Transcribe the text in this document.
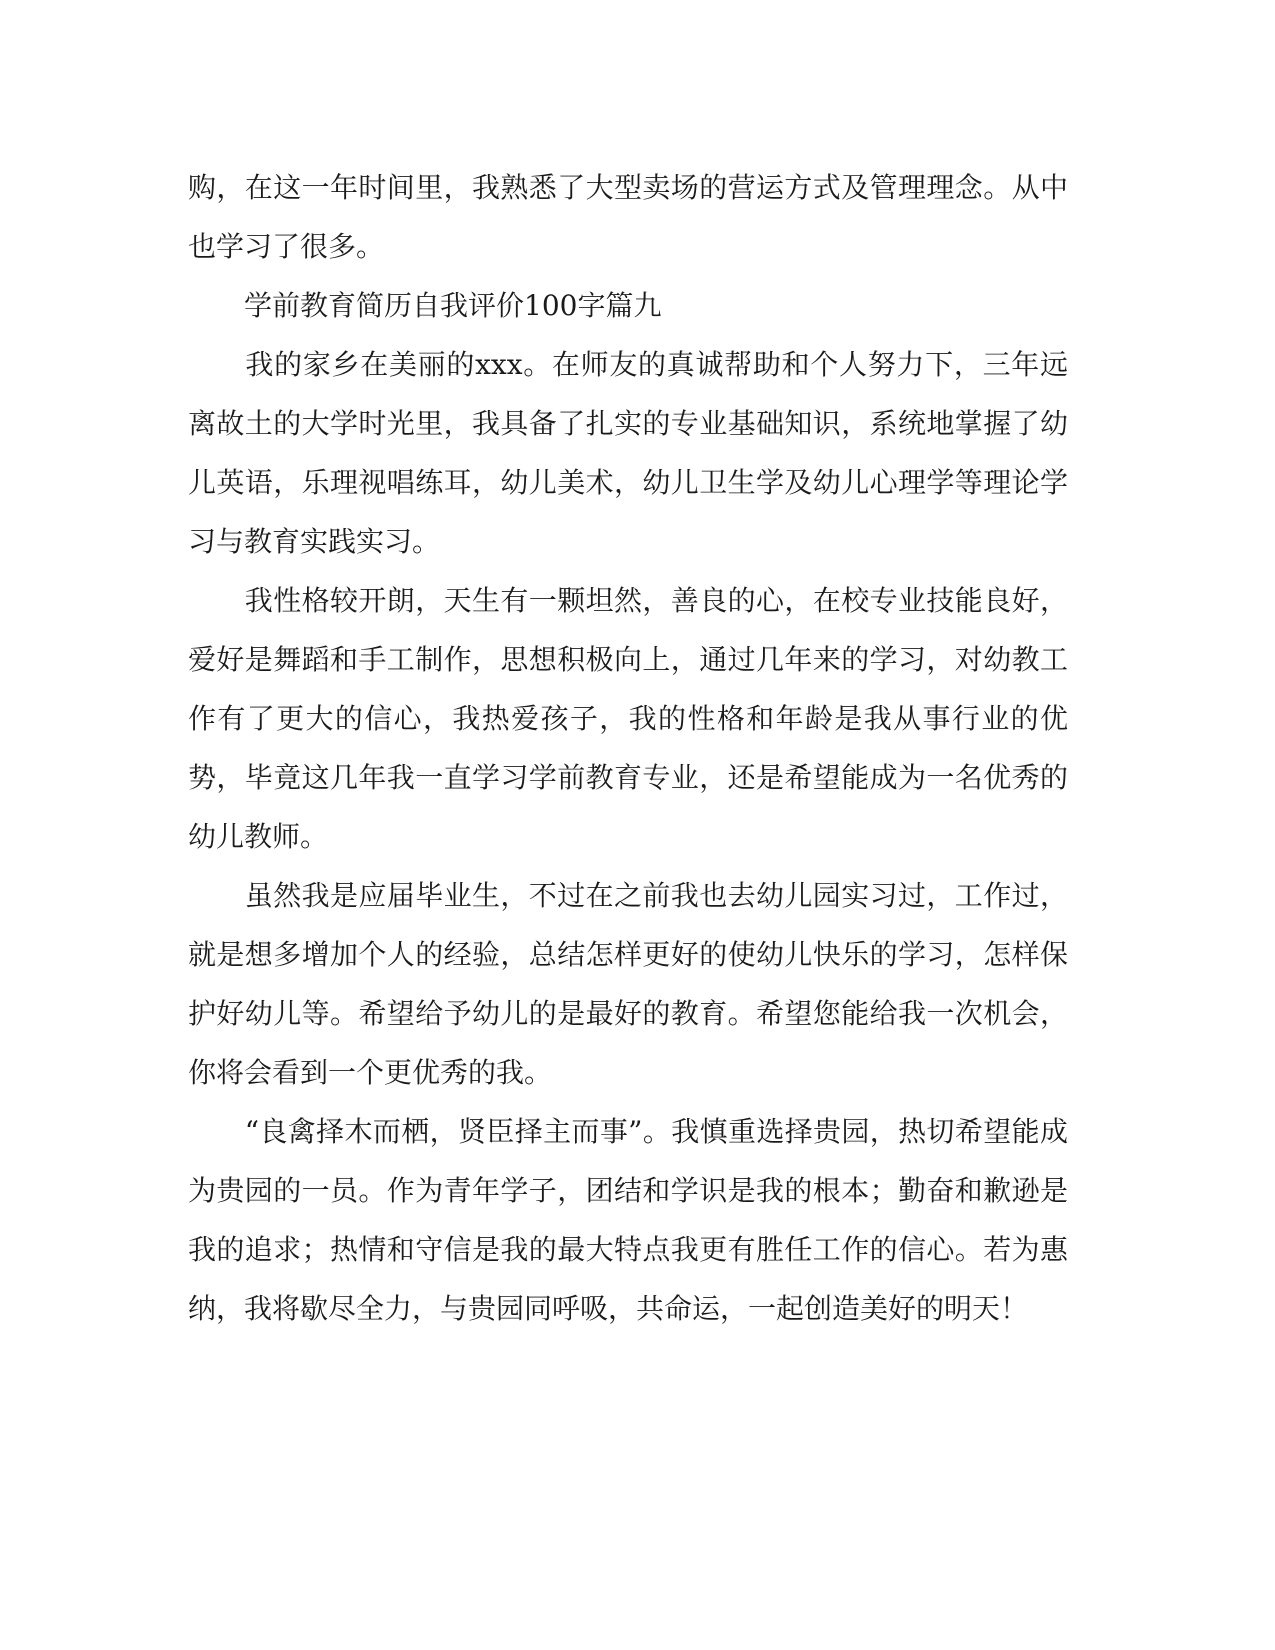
购，在这一年时间里，我熟悉了大型卖场的营运方式及管理理念。从中也学习了很多。

　　学前教育简历自我评价100字篇九

　　我的家乡在美丽的xxx。在师友的真诚帮助和个人努力下，三年远离故土的大学时光里，我具备了扎实的专业基础知识，系统地掌握了幼儿英语，乐理视唱练耳，幼儿美术，幼儿卫生学及幼儿心理学等理论学习与教育实践实习。

　　我性格较开朗，天生有一颗坦然，善良的心，在校专业技能良好，爱好是舞蹈和手工制作，思想积极向上，通过几年来的学习，对幼教工作有了更大的信心，我热爱孩子，我的性格和年龄是我从事行业的优势，毕竟这几年我一直学习学前教育专业，还是希望能成为一名优秀的幼儿教师。

　　虽然我是应届毕业生，不过在之前我也去幼儿园实习过，工作过，就是想多增加个人的经验，总结怎样更好的使幼儿快乐的学习，怎样保护好幼儿等。希望给予幼儿的是最好的教育。希望您能给我一次机会，你将会看到一个更优秀的我。

　　“良禽择木而栖，贤臣择主而事”。我慎重选择贵园，热切希望能成为贵园的一员。作为青年学子，团结和学识是我的根本；勤奋和歉逊是我的追求；热情和守信是我的最大特点我更有胜任工作的信心。若为惠纳，我将歇尽全力，与贵园同呼吸，共命运，一起创造美好的明天！
